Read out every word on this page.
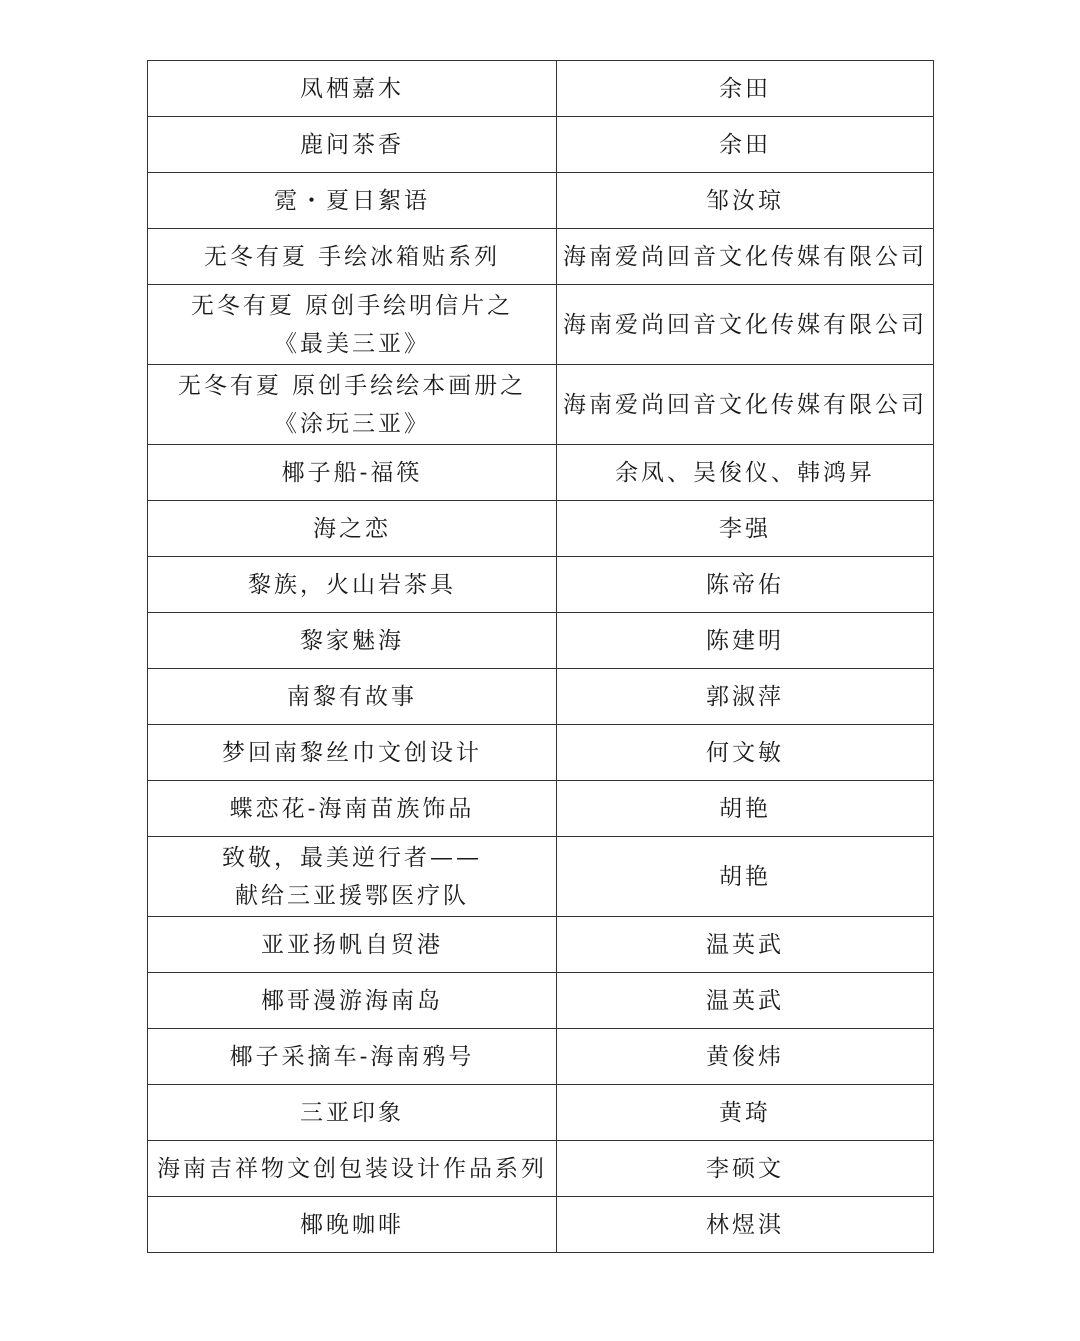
凤栖嘉木	余田

鹿问茶香	余田

霓・夏日絮语	邹汝琼

无冬有夏 手绘冰箱贴系列	海南爱尚回音文化传媒有限公司

无冬有夏 原创手绘明信片之
《最美三亚》	海南爱尚回音文化传媒有限公司

无冬有夏 原创手绘绘本画册之
《涂玩三亚》	海南爱尚回音文化传媒有限公司

椰子船-福筷	余凤、吴俊仪、韩鸿昇

海之恋	李强

黎族，火山岩茶具	陈帝佑

黎家魅海	陈建明

南黎有故事	郭淑萍

梦回南黎丝巾文创设计	何文敏

蝶恋花-海南苗族饰品	胡艳

致敬，最美逆行者——
献给三亚援鄂医疗队	胡艳

亚亚扬帆自贸港	温英武

椰哥漫游海南岛	温英武

椰子采摘车-海南鸦号	黄俊炜

三亚印象	黄琦

海南吉祥物文创包装设计作品系列	李硕文

椰晚咖啡	林煜淇
